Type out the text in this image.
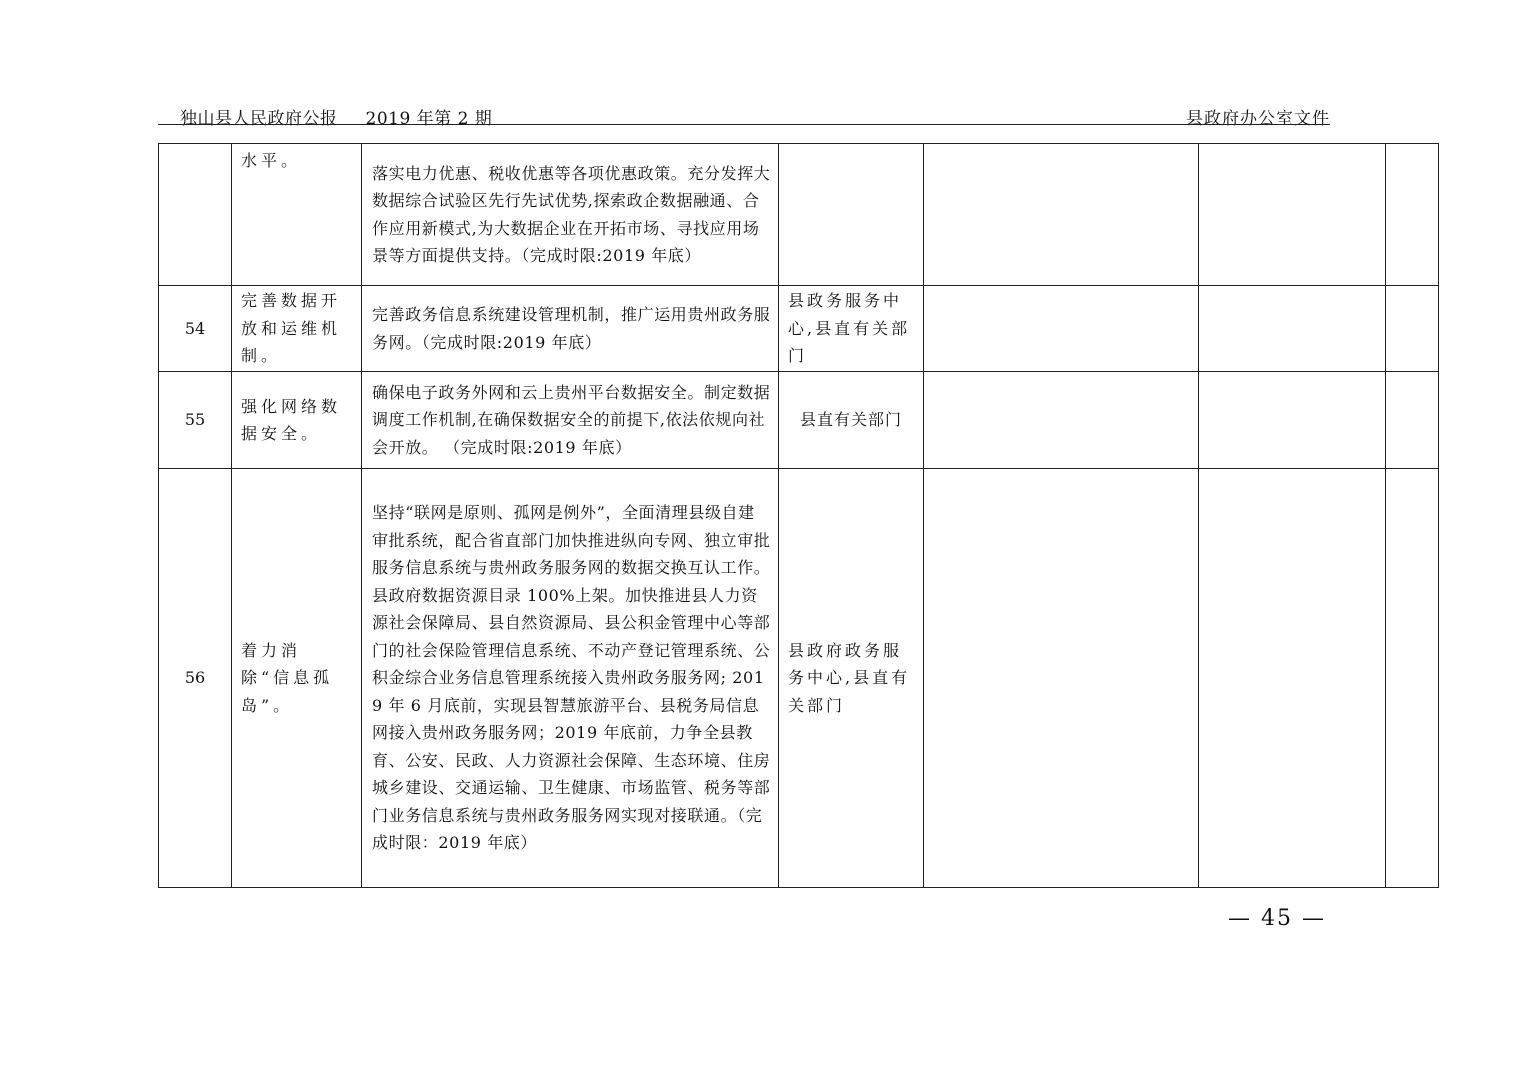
独山县人民政府公报 2019 年第 2 期	县政府办公室文件
	水平。	落实电力优惠、税收优惠等各项优惠政策。充分发挥大数据综合试验区先行先试优势,探索政企数据融通、合作应用新模式,为大数据企业在开拓市场、寻找应用场景等方面提供支持。（完成时限:2019 年底）				
54	完善数据开放和运维机制。	完善政务信息系统建设管理机制，推广运用贵州政务服务网。（完成时限:2019 年底）	县政务服务中心,县直有关部门			
55	强化网络数据安全。	确保电子政务外网和云上贵州平台数据安全。制定数据调度工作机制,在确保数据安全的前提下,依法依规向社会开放。 （完成时限:2019 年底）	县直有关部门			
56	着力消除“信息孤岛”。	坚持“联网是原则、孤网是例外”，全面清理县级自建审批系统，配合省直部门加快推进纵向专网、独立审批服务信息系统与贵州政务服务网的数据交换互认工作。县政府数据资源目录 100%上架。加快推进县人力资源社会保障局、县自然资源局、县公积金管理中心等部门的社会保险管理信息系统、不动产登记管理系统、公积金综合业务信息管理系统接入贵州政务服务网; 2019 年 6 月底前，实现县智慧旅游平台、县税务局信息网接入贵州政务服务网；2019 年底前，力争全县教育、公安、民政、人力资源社会保障、生态环境、住房城乡建设、交通运输、卫生健康、市场监管、税务等部门业务信息系统与贵州政务服务网实现对接联通。（完成时限：2019 年底）	县政府政务服务中心,县直有关部门			
— 45 —
